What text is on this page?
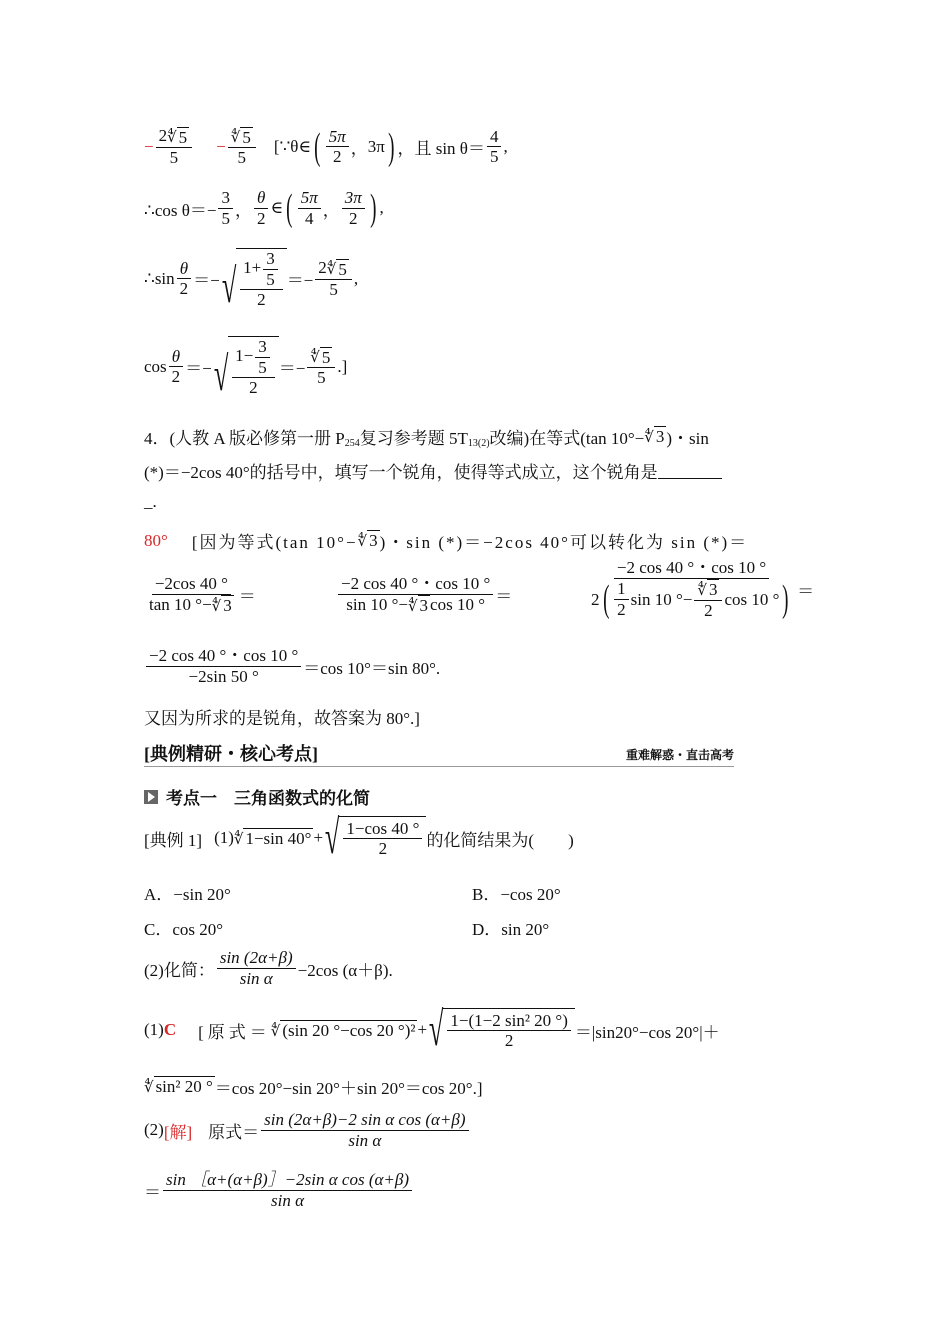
− $\frac{2 ∜ 5}{5} - \frac{∜ 5}{5}$ [∵θ∈ ( 5π
2 ， 3π ) ，且 sin θ＝
4
5
,
∴cos $\theta=- \frac{3}{5}$ ，
θ
2
∈ ( 5π
4 ，
3π
2 ) ,
∴sin
θ
2 ＝− √ $1+ \frac{3}{5}$
2
＝− $\frac{2 ∜ 5}{5}$ ,
cos
θ
2 ＝− √ $1- \frac{3}{5}$
2
＝− $\frac{∜ 5}{5}$ .]
4．(人教 A 版必修第一册 P 254 复习参考题 5T 13(2) 改编)在等式(tan 10°− ∜ 3 )・sin
(*)＝−2cos 40°的括号中，填写一个锐角，使得等式成立，这个锐角是
_.
80° [因为等式(tan 10°− ∜ 3 )・sin (*)＝−2cos 40°可以转化为 sin (*)＝
−2cos 40 °
tan 10 °− ∜ 3 ＝
−2 cos 40 °・cos 10 °
sin 10 °− ∜ 3 cos 10 ° ＝
−2 cos 40 °・cos 10 °
2 ( 1
2
sin 10 °− $\frac{∜ 3}{2}$ cos 10 ° ) ＝
−2 cos 40 °・cos 10 °
−2sin 50 °	＝cos 10°＝sin 80°.
又因为所求的是锐角，故答案为 80°.]
[典例精研・核心考点]	重难解惑・直击高考
考点一　三角函数式的化简
[典例 1] (1) ∜ 1−sin 40° + √ 1−cos 40 °
2 的化简结果为(　　)
A．−sin 20°	B．−cos 20°
C．cos 20°	D．sin 20°
(2)化简：
sin (2α+β)
sin α −2cos (α＋β).
(1) C [原式＝ ∜ (sin 20 °−cos 20 °)² + √ 1−(1−2 sin² 20 °)
2	＝|sin20°−cos 20°|＋
∜ sin² 20 ° ＝cos 20°−sin 20°＋sin 20°＝cos 20°.]
(2) [解] 原式＝
sin (2α+β)−2 sin α cos (α+β)
sin α
＝
sin ［α+(α+β)］−2sin α cos (α+β)
sin α
